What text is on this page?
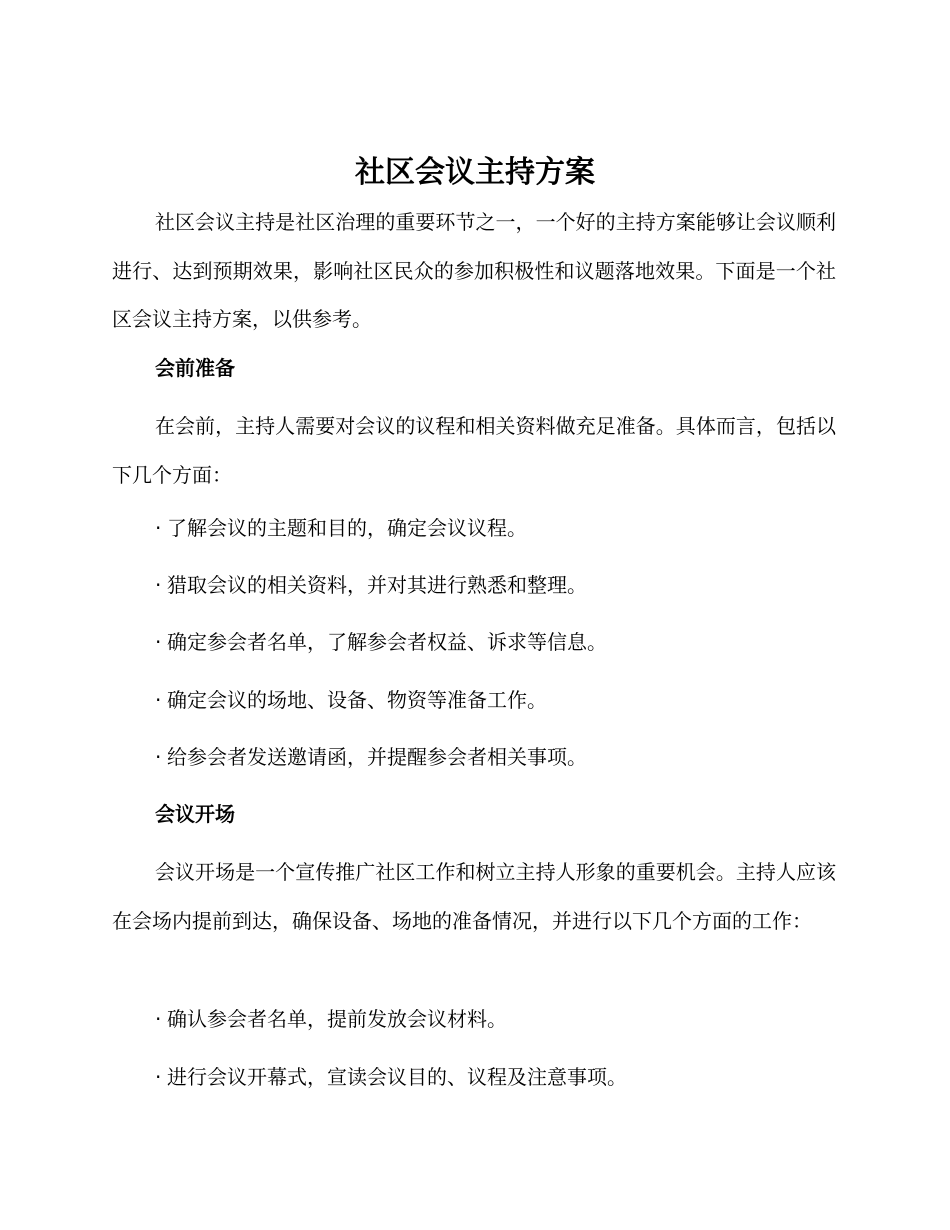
社区会议主持方案

社区会议主持是社区治理的重要环节之一，一个好的主持方案能够让会议顺利进行、达到预期效果，影响社区民众的参加积极性和议题落地效果。下面是一个社区会议主持方案，以供参考。

会前准备

在会前，主持人需要对会议的议程和相关资料做充足准备。具体而言，包括以下几个方面：

· 了解会议的主题和目的，确定会议议程。
· 猎取会议的相关资料，并对其进行熟悉和整理。
· 确定参会者名单，了解参会者权益、诉求等信息。
· 确定会议的场地、设备、物资等准备工作。
· 给参会者发送邀请函，并提醒参会者相关事项。
会议开场

会议开场是一个宣传推广社区工作和树立主持人形象的重要机会。主持人应该在会场内提前到达，确保设备、场地的准备情况，并进行以下几个方面的工作：

· 确认参会者名单，提前发放会议材料。
· 进行会议开幕式，宣读会议目的、议程及注意事项。
